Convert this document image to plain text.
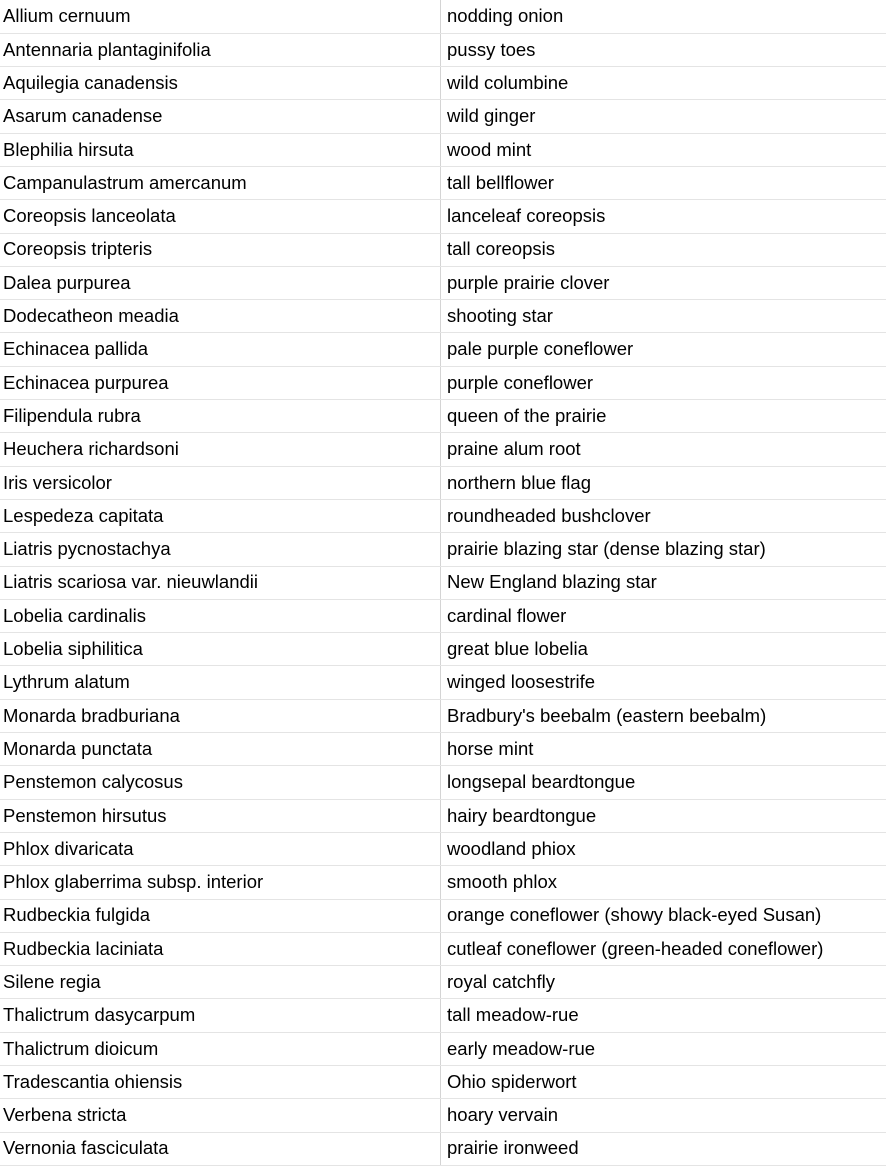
Allium cernuum	nodding onion
Antennaria plantaginifolia	pussy toes
Aquilegia canadensis	wild columbine
Asarum canadense	wild ginger
Blephilia hirsuta	wood mint
Campanulastrum amercanum	tall bellflower
Coreopsis lanceolata	lanceleaf coreopsis
Coreopsis tripteris	tall coreopsis
Dalea purpurea	purple prairie clover
Dodecatheon meadia	shooting star
Echinacea pallida	pale purple coneflower
Echinacea purpurea	purple coneflower
Filipendula rubra	queen of the prairie
Heuchera richardsoni	praine alum root
Iris versicolor	northern blue flag
Lespedeza capitata	roundheaded bushclover
Liatris pycnostachya	prairie blazing star (dense blazing star)
Liatris scariosa var. nieuwlandii	New England blazing star
Lobelia cardinalis	cardinal flower
Lobelia siphilitica	great blue lobelia
Lythrum alatum	winged loosestrife
Monarda bradburiana	Bradbury's beebalm (eastern beebalm)
Monarda punctata	horse mint
Penstemon calycosus	longsepal beardtongue
Penstemon hirsutus	hairy beardtongue
Phlox divaricata	woodland phiox
Phlox glaberrima subsp. interior	smooth phlox
Rudbeckia fulgida	orange coneflower (showy black-eyed Susan)
Rudbeckia laciniata	cutleaf coneflower (green-headed coneflower)
Silene regia	royal catchfly
Thalictrum dasycarpum	tall meadow-rue
Thalictrum dioicum	early meadow-rue
Tradescantia ohiensis	Ohio spiderwort
Verbena stricta	hoary vervain
Vernonia fasciculata	prairie ironweed
